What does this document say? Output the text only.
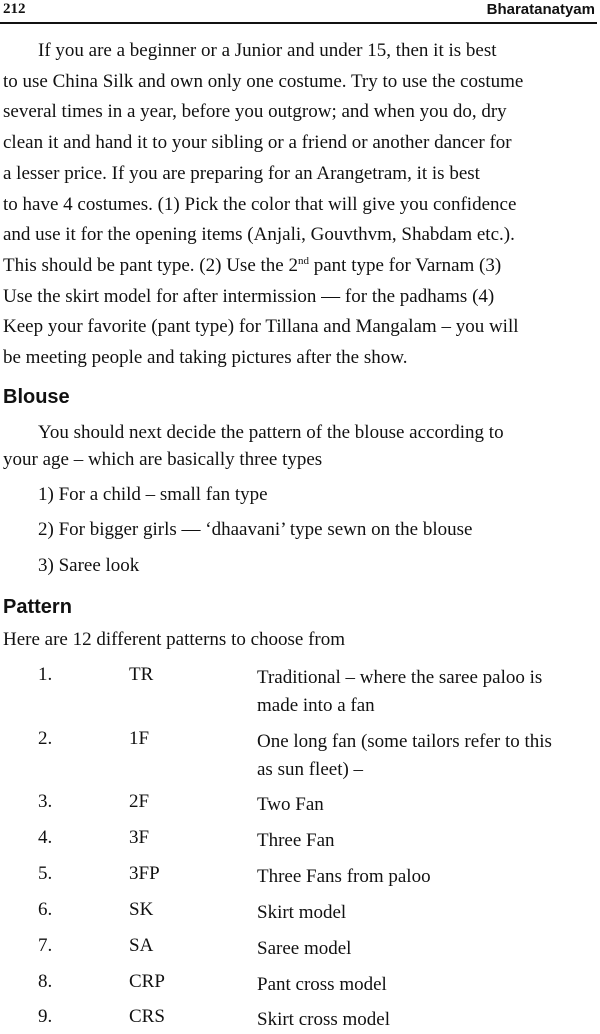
212	Bharatanatyam
If you are a beginner or a Junior and under 15, then it is best
to use China Silk and own only one costume. Try to use the costume
several times in a year, before you outgrow; and when you do, dry
clean it and hand it to your sibling or a friend or another dancer for
a lesser price. If you are preparing for an Arangetram, it is best
to have 4 costumes. (1) Pick the color that will give you confidence
and use it for the opening items (Anjali, Gouvthvm, Shabdam etc.).
This should be pant type. (2) Use the 2nd pant type for Varnam (3)
Use the skirt model for after intermission — for the padhams (4)
Keep your favorite (pant type) for Tillana and Mangalam – you will
be meeting people and taking pictures after the show.
Blouse
You should next decide the pattern of the blouse according to
your age – which are basically three types
1) For a child – small fan type
2) For bigger girls — ‘dhaavani’ type sewn on the blouse
3) Saree look
Pattern
Here are 12 different patterns to choose from
1.	TR	Traditional – where the saree paloo is
made into a fan
2.	1F	One long fan (some tailors refer to this
as sun fleet) –
3.	2F	Two Fan
4.	3F	Three Fan
5.	3FP	Three Fans from paloo
6.	SK	Skirt model
7.	SA	Saree model
8.	CRP	Pant cross model
9.	CRS	Skirt cross model
